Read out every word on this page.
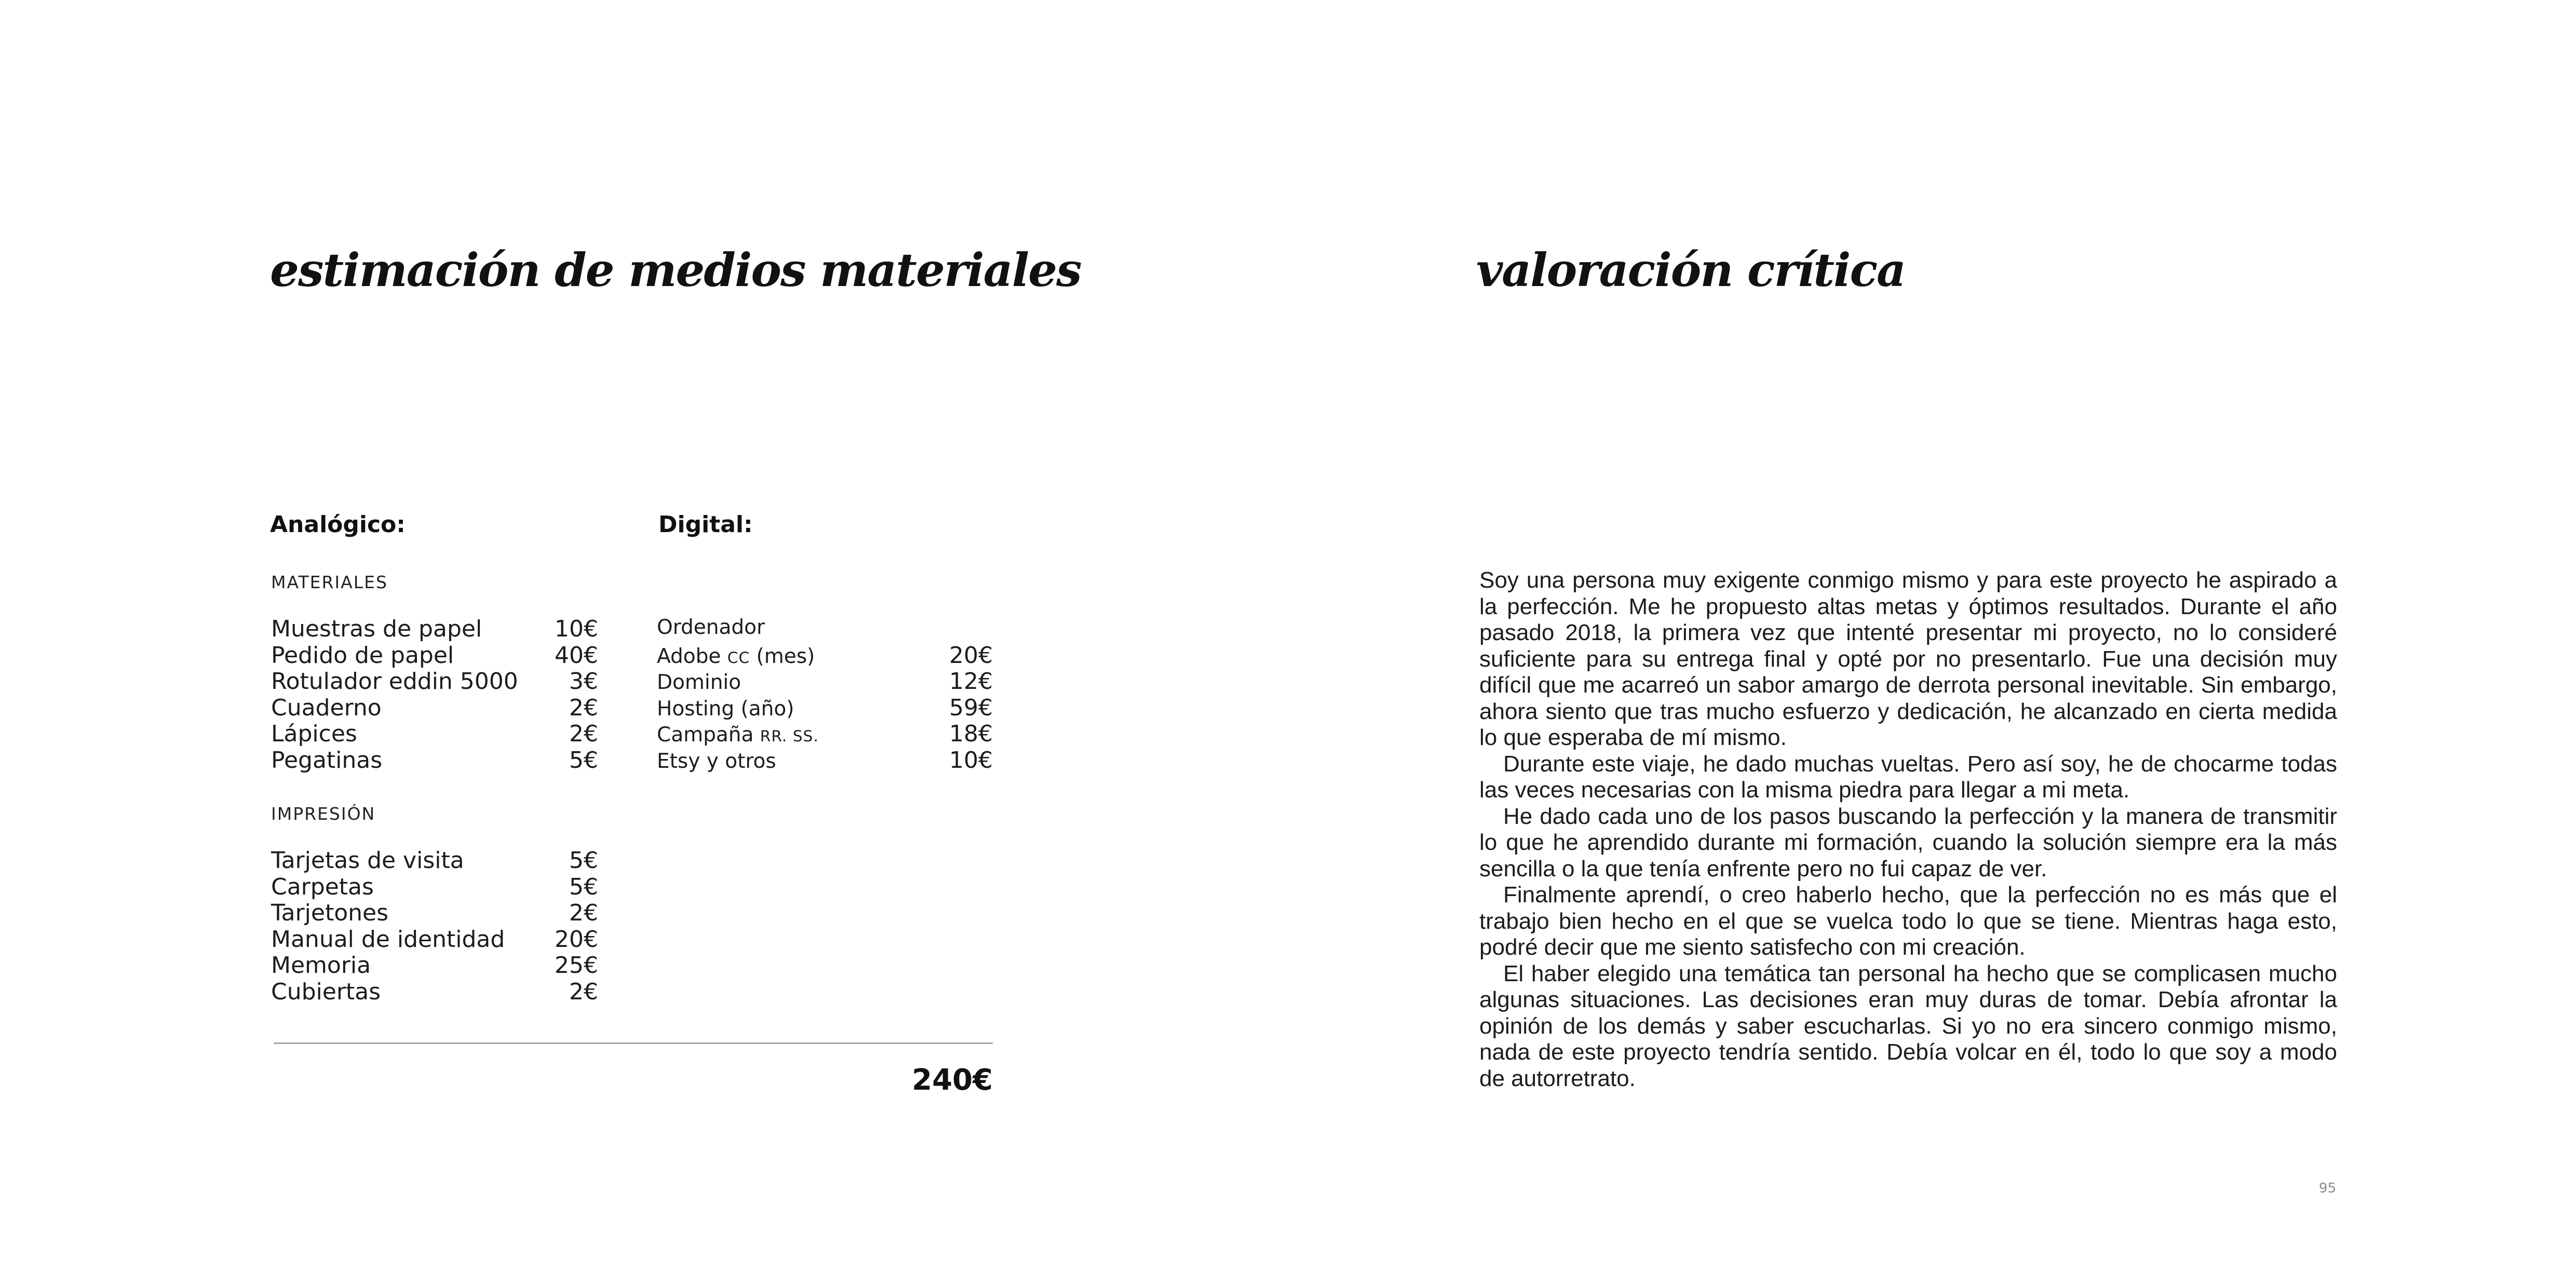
estimación de medios materiales
Analógico:	Digital:

MATERIALES

Muestras de papel	10€
Pedido de papel	40€
Rotulador eddin 5000 3€
Cuaderno	2€
Lápices	2€
Pegatinas	5€

IMPRESIÓN

Tarjetas de visita	5€
Carpetas	5€
Tarjetones	2€
Manual de identidad 20€
Memoria	25€
Cubiertas	2€
Ordenador
Adobe CC (mes)	20€
Dominio	12€
Hosting (año)	59€
Campaña RR. SS.	18€
Etsy y otros	10€

240€

valoración crítica

Soy una persona muy exigente conmigo mismo y para este proyecto he aspirado a la perfección. Me he propuesto altas metas y óptimos resultados. Durante el año pasado 2018, la primera vez que intenté presentar mi proyecto, no lo consideré suficiente para su entrega final y opté por no presentarlo. Fue una decisión muy difícil que me acarreó un sabor amargo de derrota personal inevitable. Sin embargo, ahora siento que tras mucho esfuerzo y dedicación, he alcanzado en cierta medida lo que esperaba de mí mismo.

Durante este viaje, he dado muchas vueltas. Pero así soy, he de chocarme todas las veces necesarias con la misma piedra para llegar a mi meta.

He dado cada uno de los pasos buscando la perfección y la manera de transmitir lo que he aprendido durante mi formación, cuando la solución siempre era la más sencilla o la que tenía enfrente pero no fui capaz de ver.

Finalmente aprendí, o creo haberlo hecho, que la perfección no es más que el trabajo bien hecho en el que se vuelca todo lo que se tiene. Mientras haga esto, podré decir que me siento satisfecho con mi creación.

El haber elegido una temática tan personal ha hecho que se complicasen mucho algunas situaciones. Las decisiones eran muy duras de tomar. Debía afrontar la opinión de los demás y saber escucharlas. Si yo no era sincero conmigo mismo, nada de este proyecto tendría sentido. Debía volcar en él, todo lo que soy a modo de autorretrato.

95
